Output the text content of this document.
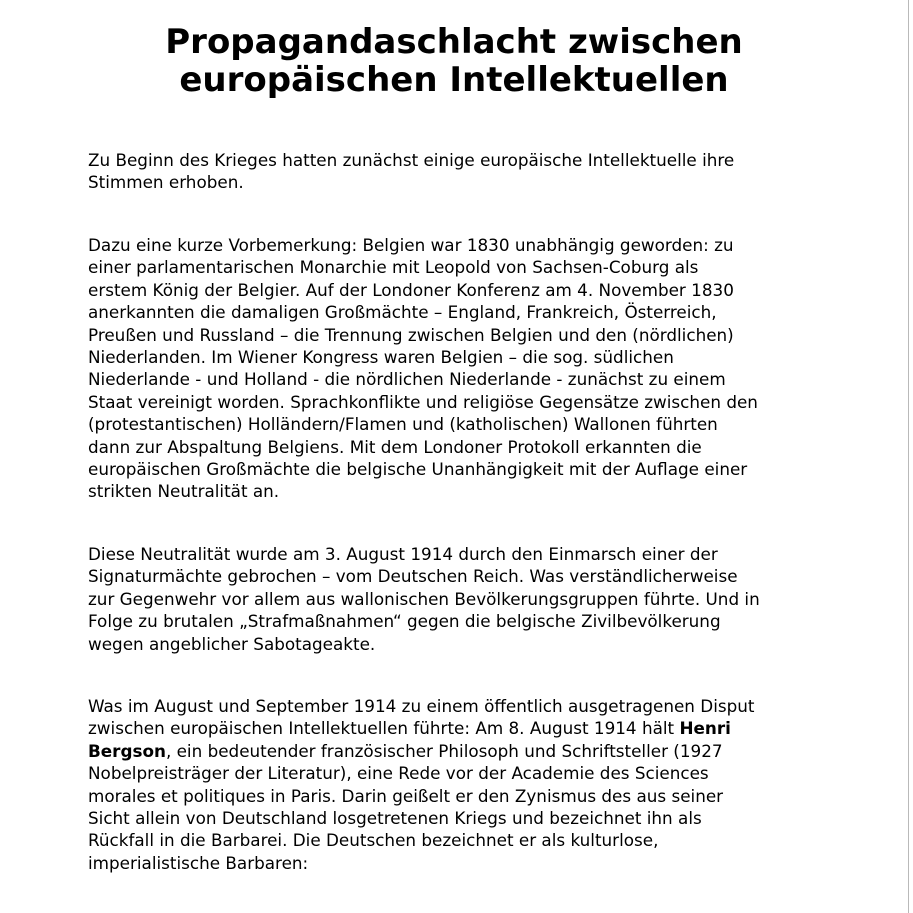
Propagandaschlacht zwischen
europäischen Intellektuellen

Zu Beginn des Krieges hatten zunächst einige europäische Intellektuelle ihre
Stimmen erhoben.

Dazu eine kurze Vorbemerkung: Belgien war 1830 unabhängig geworden: zu
einer parlamentarischen Monarchie mit Leopold von Sachsen-Coburg als
erstem König der Belgier. Auf der Londoner Konferenz am 4. November 1830
anerkannten die damaligen Großmächte – England, Frankreich, Österreich,
Preußen und Russland – die Trennung zwischen Belgien und den (nördlichen)
Niederlanden. Im Wiener Kongress waren Belgien – die sog. südlichen
Niederlande - und Holland - die nördlichen Niederlande - zunächst zu einem
Staat vereinigt worden. Sprachkonflikte und religiöse Gegensätze zwischen den
(protestantischen) Holländern/Flamen und (katholischen) Wallonen führten
dann zur Abspaltung Belgiens. Mit dem Londoner Protokoll erkannten die
europäischen Großmächte die belgische Unanhängigkeit mit der Auflage einer
strikten Neutralität an.

Diese Neutralität wurde am 3. August 1914 durch den Einmarsch einer der
Signaturmächte gebrochen – vom Deutschen Reich. Was verständlicherweise
zur Gegenwehr vor allem aus wallonischen Bevölkerungsgruppen führte. Und in
Folge zu brutalen „Strafmaßnahmen“ gegen die belgische Zivilbevölkerung
wegen angeblicher Sabotageakte.

Was im August und September 1914 zu einem öffentlich ausgetragenen Disput
zwischen europäischen Intellektuellen führte: Am 8. August 1914 hält Henri
Bergson, ein bedeutender französischer Philosoph und Schriftsteller (1927
Nobelpreisträger der Literatur), eine Rede vor der Academie des Sciences
morales et politiques in Paris. Darin geißelt er den Zynismus des aus seiner
Sicht allein von Deutschland losgetretenen Kriegs und bezeichnet ihn als
Rückfall in die Barbarei. Die Deutschen bezeichnet er als kulturlose,
imperialistische Barbaren:
